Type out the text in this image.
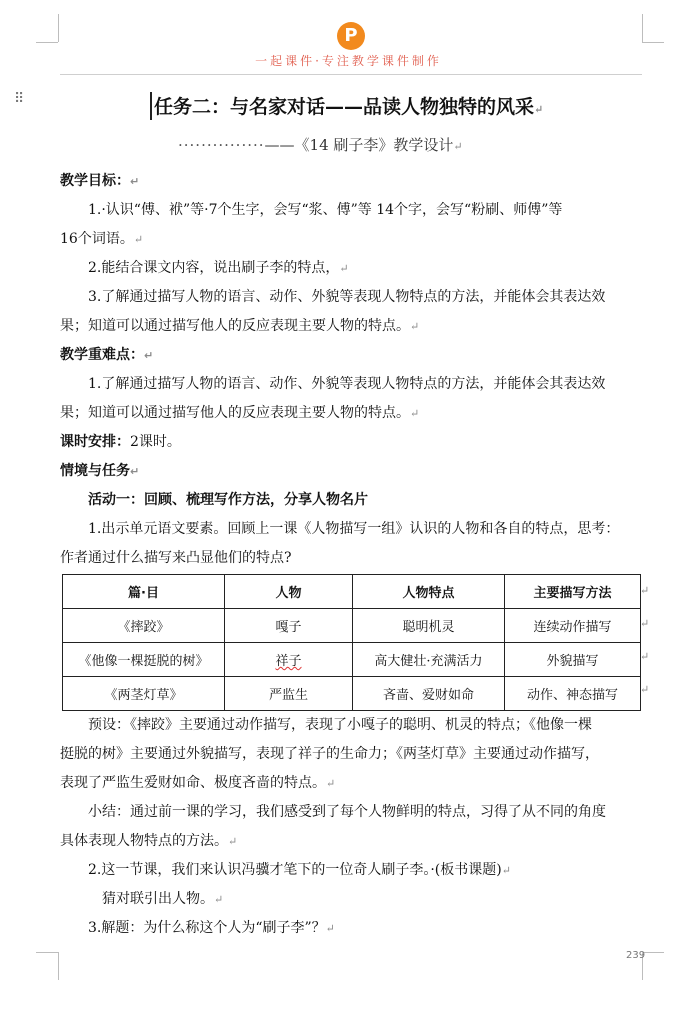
P
一起课件·专注教学课件制作
⠿	任务二：与名家对话——品读人物独特的风采↵
···············——《14 刷子李》教学设计↵
教学目标：↵
1.·认识“傅、袱”等·7个生字，会写“浆、傅”等 14个字，会写“粉刷、师傅”等
16个词语。↵
2.能结合课文内容，说出刷子李的特点，↵
3.了解通过描写人物的语言、动作、外貌等表现人物特点的方法，并能体会其表达效
果；知道可以通过描写他人的反应表现主要人物的特点。↵
教学重难点：↵
1.了解通过描写人物的语言、动作、外貌等表现人物特点的方法，并能体会其表达效
果；知道可以通过描写他人的反应表现主要人物的特点。↵
课时安排：2课时。
情境与任务↵
活动一：回顾、梳理写作方法，分享人物名片
1.出示单元语文要素。回顾上一课《人物描写一组》认识的人物和各自的特点，思考：
作者通过什么描写来凸显他们的特点?
篇·目	人物	人物特点	主要描写方法
《摔跤》	嘎子	聪明机灵	连续动作描写
《他像一棵挺脱的树》	祥子	高大健壮·充满活力	外貌描写
《两茎灯草》	严监生	吝啬、爱财如命	动作、神态描写
↵
↵
↵
↵
预设：《摔跤》主要通过动作描写，表现了小嘎子的聪明、机灵的特点；《他像一棵
挺脱的树》主要通过外貌描写，表现了祥子的生命力；《两茎灯草》主要通过动作描写，
表现了严监生爱财如命、极度吝啬的特点。↵
小结：通过前一课的学习，我们感受到了每个人物鲜明的特点，习得了从不同的角度
具体表现人物特点的方法。↵
2.这一节课，我们来认识冯骥才笔下的一位奇人刷子李。·(板书课题)↵
猜对联引出人物。↵
3.解题：为什么称这个人为“刷子李”？↵
239
